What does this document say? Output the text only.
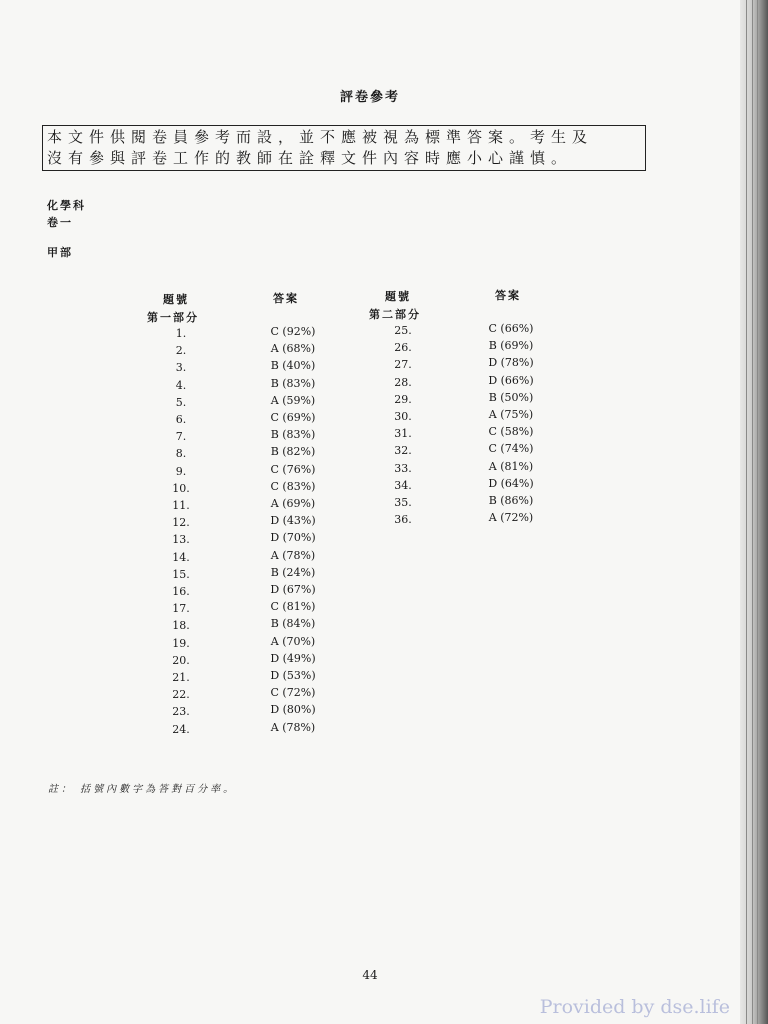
評卷參考
本文件供閱卷員參考而設，並不應被視為標準答案。考生及
沒有參與評卷工作的教師在詮釋文件內容時應小心謹慎。
化學科
卷一
甲部
題號	答案
第一部分
題號	答案
第二部分
1.	C (92%)
2.	A (68%)
3.	B (40%)
4.	B (83%)
5.	A (59%)
6.	C (69%)
7.	B (83%)
8.	B (82%)
9.	C (76%)
10.	C (83%)
11.	A (69%)
12.	D (43%)
13.	D (70%)
14.	A (78%)
15.	B (24%)
16.	D (67%)
17.	C (81%)
18.	B (84%)
19.	A (70%)
20.	D (49%)
21.	D (53%)
22.	C (72%)
23.	D (80%)
24.	A (78%)
25.	C (66%)
26.	B (69%)
27.	D (78%)
28.	D (66%)
29.	B (50%)
30.	A (75%)
31.	C (58%)
32.	C (74%)
33.	A (81%)
34.	D (64%)
35.	B (86%)
36.	A (72%)
註： 括號內數字為答對百分率。
44
Provided by dse.life
